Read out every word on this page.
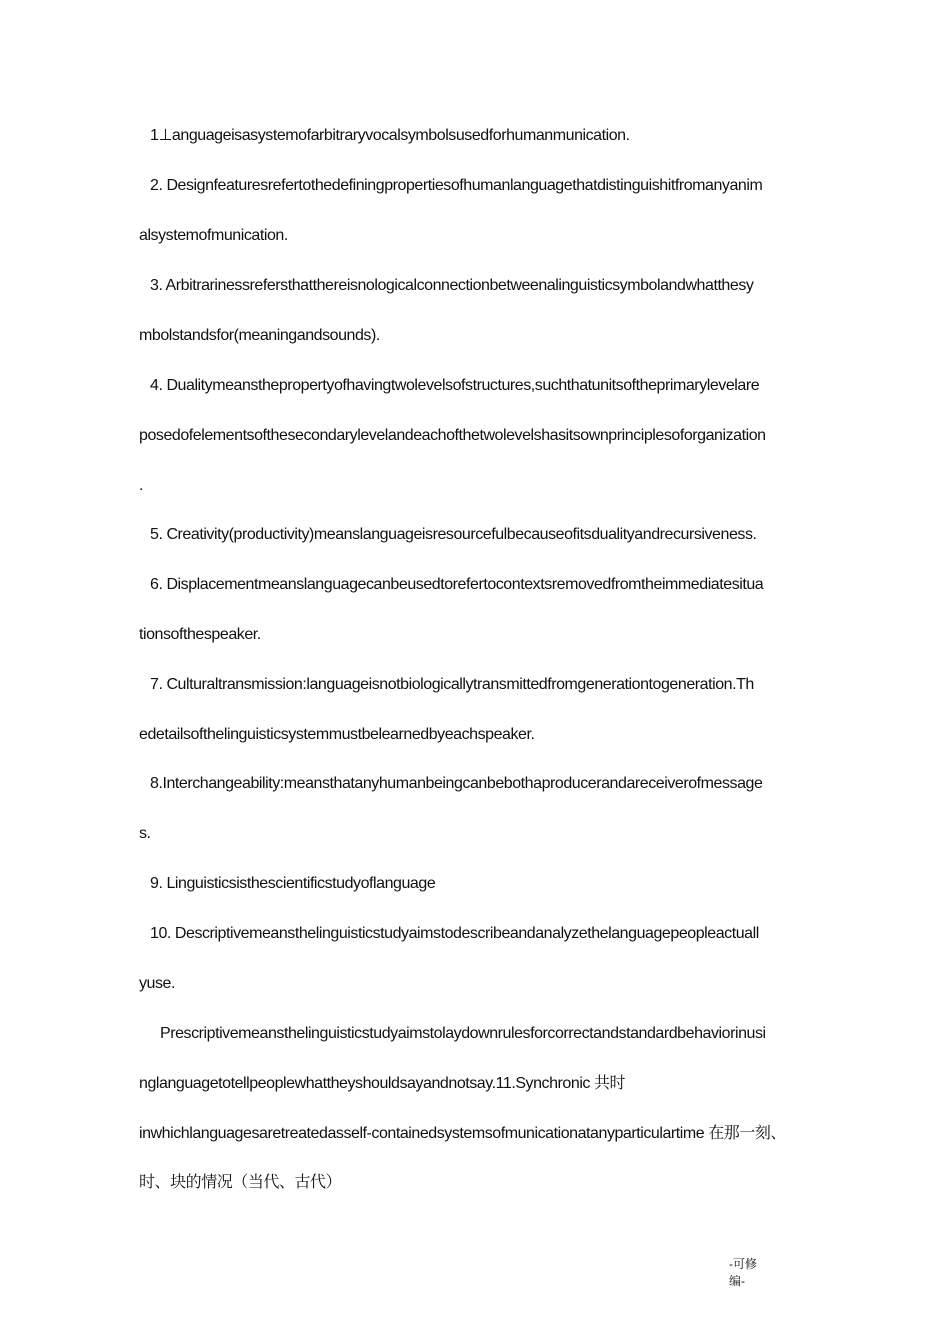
1⊥anguageisasystemofarbitraryvocalsymbolsusedforhumanmunication.
2. Designfeaturesrefertothedefiningpropertiesofhumanlanguagethatdistinguishitfromanyanim
alsystemofmunication.
3. Arbitrarinessrefersthatthereisnologicalconnectionbetweenalinguisticsymbolandwhatthesy
mbolstandsfor(meaningandsounds).
4. Dualitymeansthepropertyofhavingtwolevelsofstructures,suchthatunitsoftheprimarylevelare
posedofelementsofthesecondarylevelandeachofthetwolevelshasitsownprinciplesoforganization
.
5. Creativity(productivity)meanslanguageisresourcefulbecauseofitsdualityandrecursiveness.
6. Displacementmeanslanguagecanbeusedtorefertocontextsremovedfromtheimmediatesitua
tionsofthespeaker.
7. Culturaltransmission:languageisnotbiologicallytransmittedfromgenerationtogeneration.Th
edetailsofthelinguisticsystemmustbelearnedbyeachspeaker.
8.Interchangeability:meansthatanyhumanbeingcanbebothaproducerandareceiverofmessage
s.
9. Linguisticsisthescientificstudyoflanguage
10. Descriptivemeansthelinguisticstudyaimstodescribeandanalyzethelanguagepeopleactuall
yuse.
Prescriptivemeansthelinguisticstudyaimstolaydownrulesforcorrectandstandardbehaviorinusi
nglanguagetotellpeoplewhattheyshouldsayandnotsay.11.Synchronic 共时
inwhichlanguagesaretreatedasself-containedsystemsofmunicationatanyparticulartime 在那一刻、
时、块的情况（当代、古代）
-可修
编-
